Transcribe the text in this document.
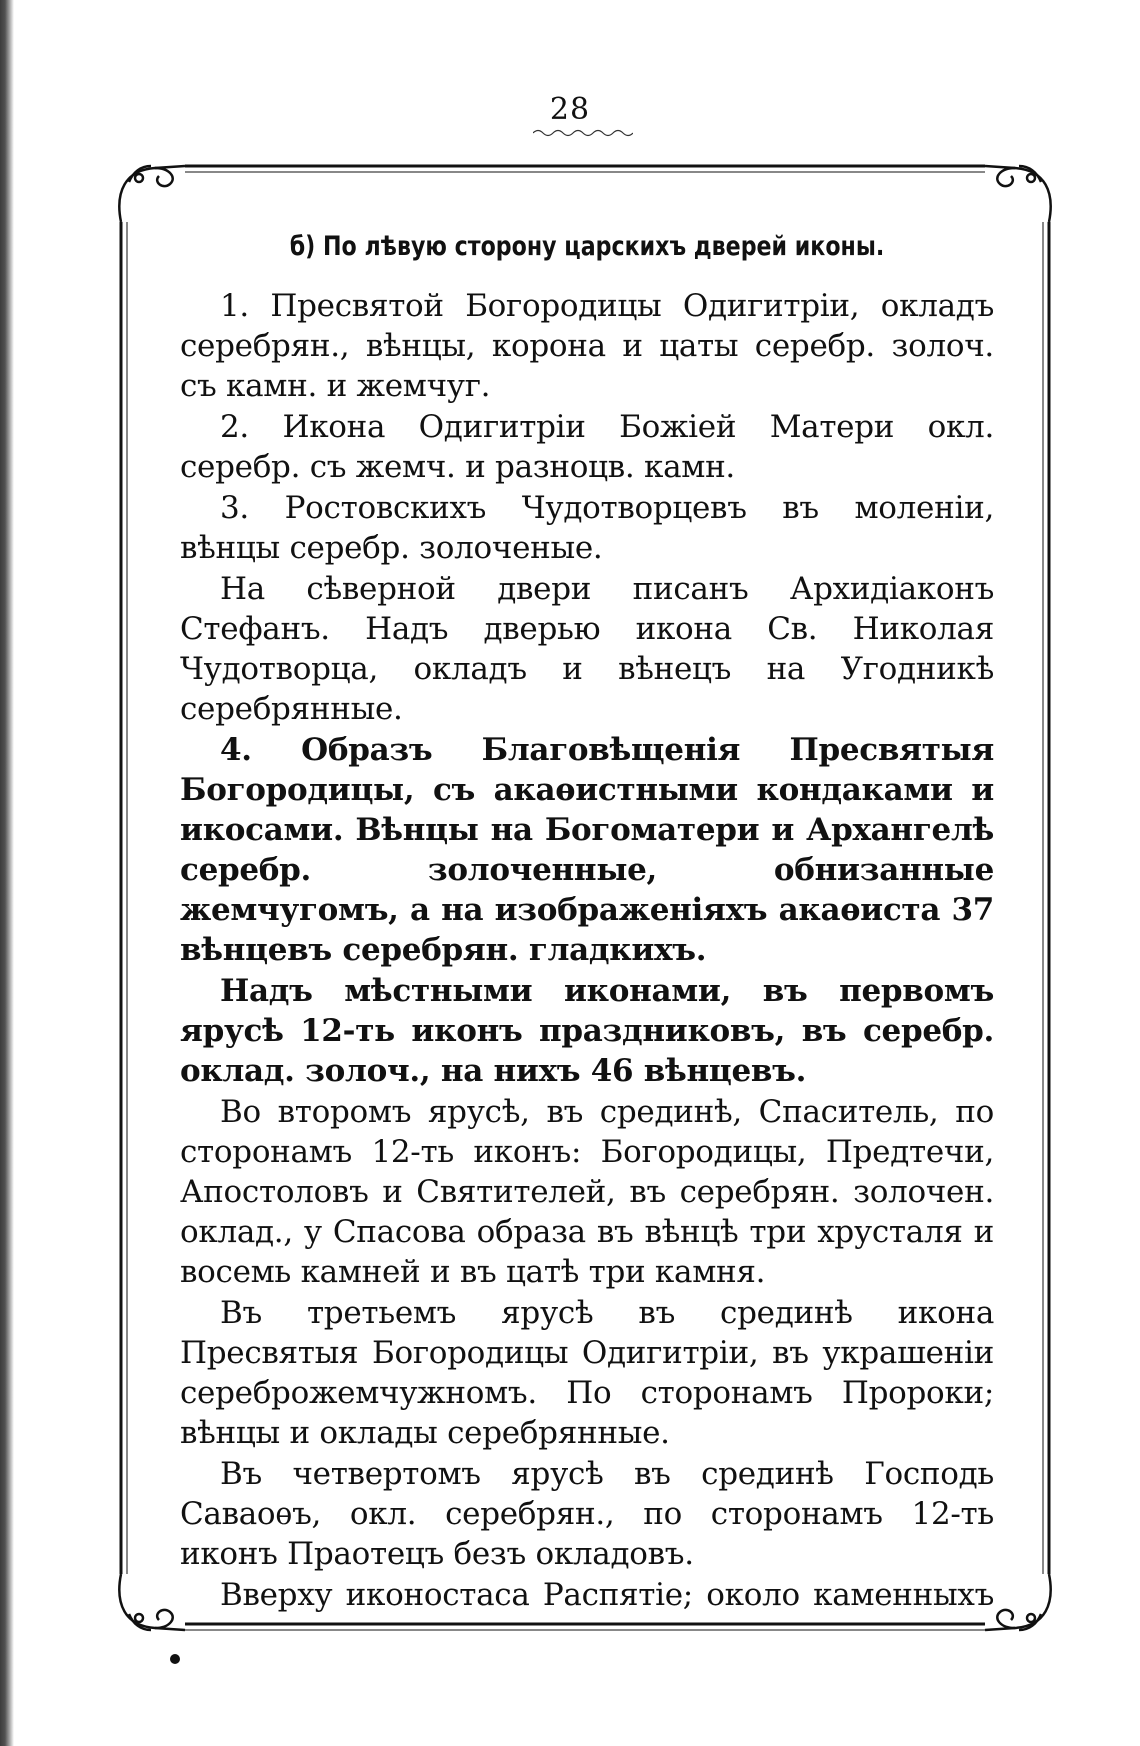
28
б) По лѣвую сторону царскихъ дверей иконы.

1. Пресвятой Богородицы Одигитріи, окладъ серебрян., вѣнцы, корона и цаты серебр. золоч. съ камн. и жемчуг.

2. Икона Одигитріи Божіей Матери окл. серебр. съ жемч. и разноцв. камн.

3. Ростовскихъ Чудотворцевъ въ моленіи, вѣнцы серебр. золоченые.

На сѣверной двери писанъ Архидіаконъ Стефанъ. Надъ дверью икона Св. Николая Чудотворца, окладъ и вѣнецъ на Угодникѣ серебрянные.

4. Образъ Благовѣщенія Пресвятыя Богородицы, съ акаѳистными кондаками и икосами. Вѣнцы на Богоматери и Архангелѣ серебр. золоченные, обнизанные жемчугомъ, а на изображеніяхъ акаѳиста 37 вѣнцевъ серебрян. гладкихъ.

Надъ мѣстными иконами, въ первомъ ярусѣ 12-ть иконъ праздниковъ, въ серебр. оклад. золоч., на нихъ 46 вѣнцевъ.

Во второмъ ярусѣ, въ срединѣ, Спаситель, по сторонамъ 12-ть иконъ: Богородицы, Предтечи, Апостоловъ и Святителей, въ серебрян. золочен. оклад., у Спасова образа въ вѣнцѣ три хрусталя и восемь камней и въ цатѣ три камня.

Въ третьемъ ярусѣ въ срединѣ икона Пресвятыя Богородицы Одигитріи, въ украшеніи сереброжемчужномъ. По сторонамъ Пророки; вѣнцы и оклады серебрянные.

Въ четвертомъ ярусѣ въ срединѣ Господь Саваоѳъ, окл. серебрян., по сторонамъ 12-ть иконъ Праотецъ безъ окладовъ.

Вверху иконостаса Распятіе; около каменныхъ
